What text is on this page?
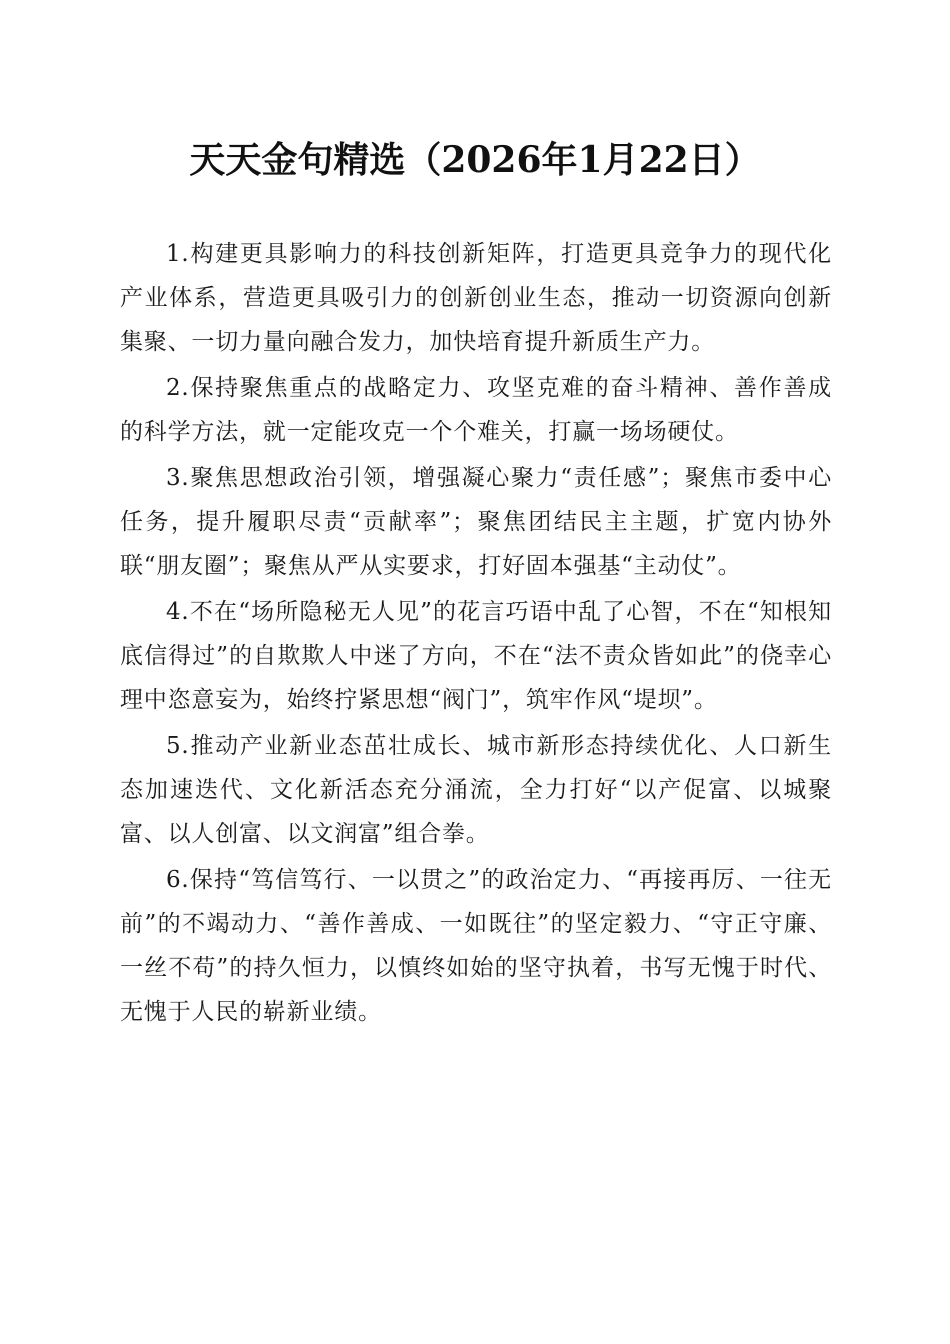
天天金句精选（2026年1月22日）

1.构建更具影响力的科技创新矩阵，打造更具竞争力的现代化产业体系，营造更具吸引力的创新创业生态，推动一切资源向创新集聚、一切力量向融合发力，加快培育提升新质生产力。

2.保持聚焦重点的战略定力、攻坚克难的奋斗精神、善作善成的科学方法，就一定能攻克一个个难关，打赢一场场硬仗。

3.聚焦思想政治引领，增强凝心聚力“责任感”；聚焦市委中心任务，提升履职尽责“贡献率”；聚焦团结民主主题，扩宽内协外联“朋友圈”；聚焦从严从实要求，打好固本强基“主动仗”。

4.不在“场所隐秘无人见”的花言巧语中乱了心智，不在“知根知底信得过”的自欺欺人中迷了方向，不在“法不责众皆如此”的侥幸心理中恣意妄为，始终拧紧思想“阀门”，筑牢作风“堤坝”。

5.推动产业新业态茁壮成长、城市新形态持续优化、人口新生态加速迭代、文化新活态充分涌流，全力打好“以产促富、以城聚富、以人创富、以文润富”组合拳。

6.保持“笃信笃行、一以贯之”的政治定力、“再接再厉、一往无前”的不竭动力、“善作善成、一如既往”的坚定毅力、“守正守廉、一丝不苟”的持久恒力，以慎终如始的坚守执着，书写无愧于时代、无愧于人民的崭新业绩。
